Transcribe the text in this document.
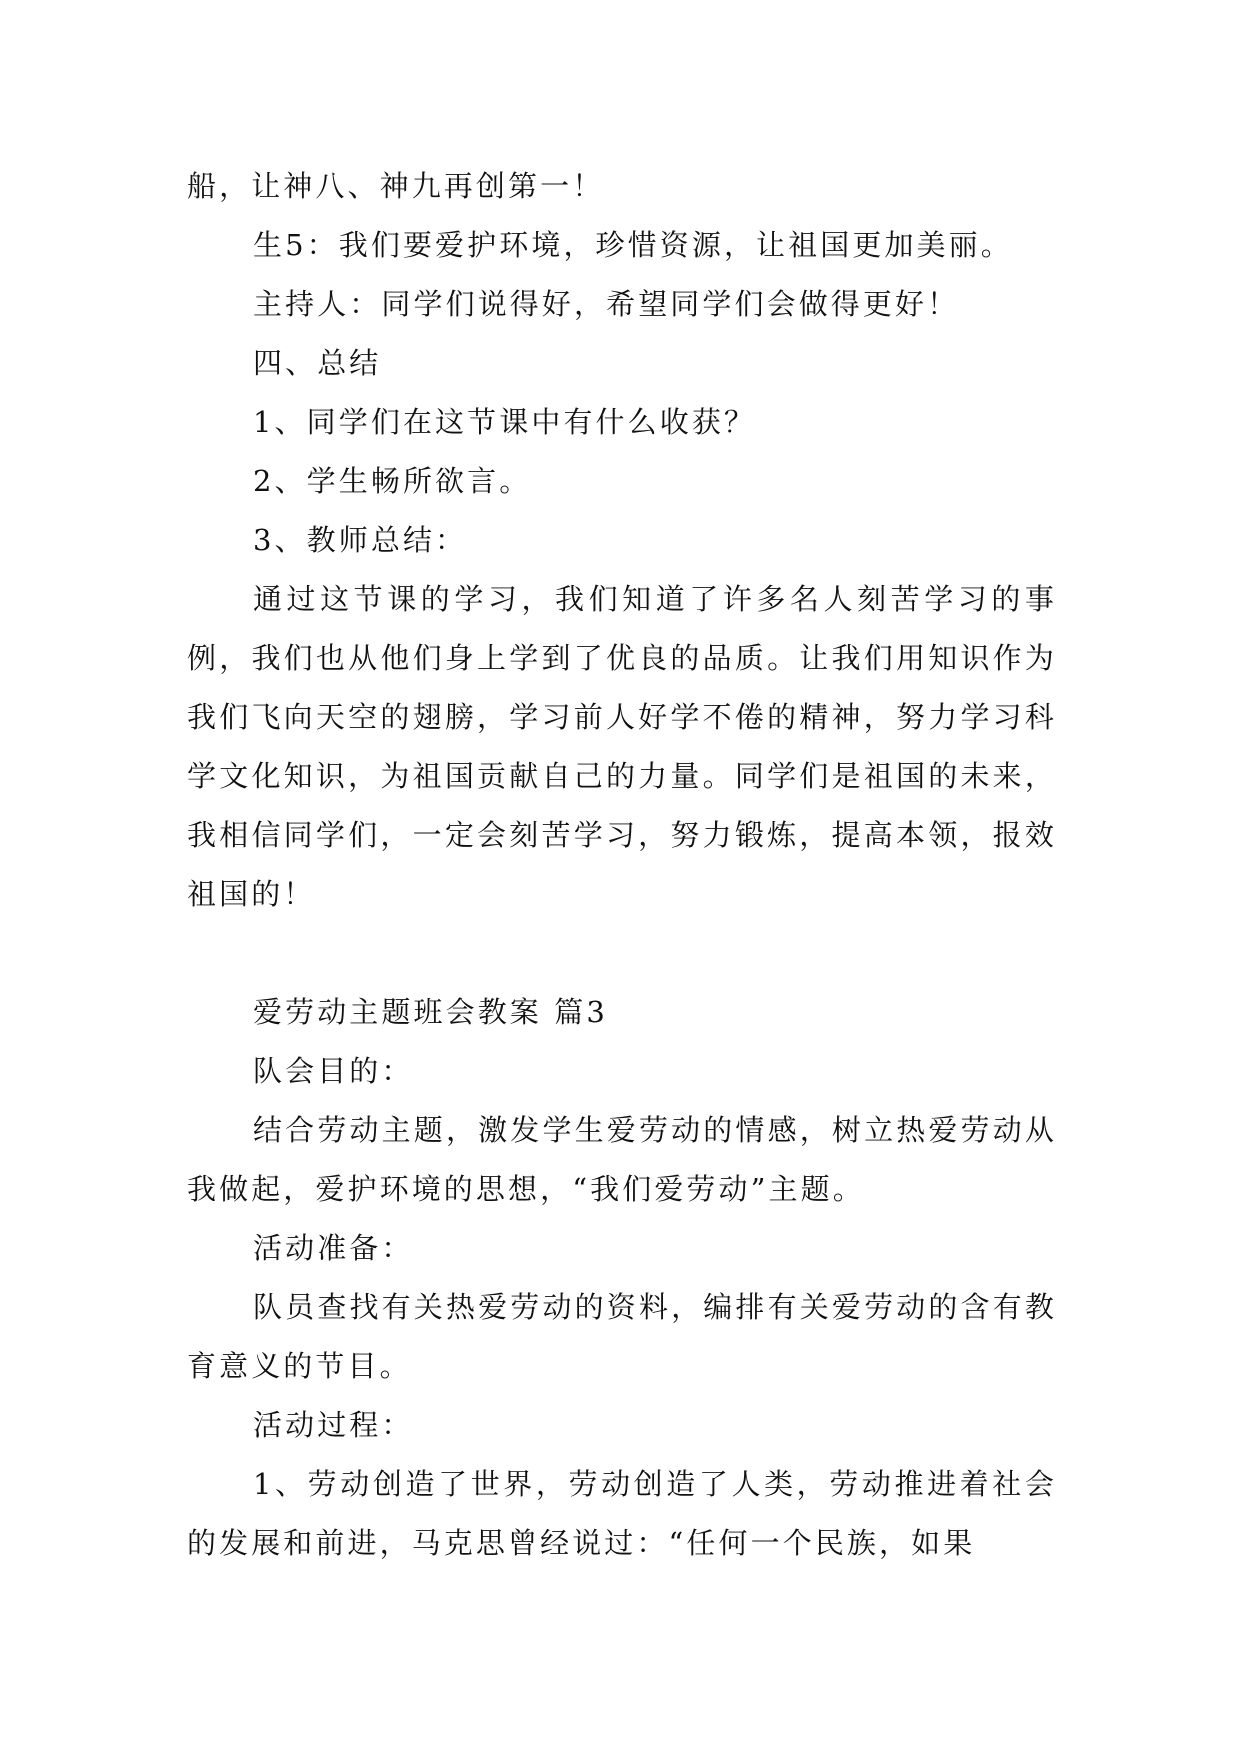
船，让神八、神九再创第一！

生5：我们要爱护环境，珍惜资源，让祖国更加美丽。

主持人：同学们说得好，希望同学们会做得更好！

四、总结

1、同学们在这节课中有什么收获？

2、学生畅所欲言。

3、教师总结：

通过这节课的学习，我们知道了许多名人刻苦学习的事例，我们也从他们身上学到了优良的品质。让我们用知识作为我们飞向天空的翅膀，学习前人好学不倦的精神，努力学习科学文化知识，为祖国贡献自己的力量。同学们是祖国的未来，我相信同学们，一定会刻苦学习，努力锻炼，提高本领，报效祖国的！

爱劳动主题班会教案 篇3

队会目的：

结合劳动主题，激发学生爱劳动的情感，树立热爱劳动从我做起，爱护环境的思想，“我们爱劳动”主题。

活动准备：

队员查找有关热爱劳动的资料，编排有关爱劳动的含有教育意义的节目。

活动过程：

1、劳动创造了世界，劳动创造了人类，劳动推进着社会的发展和前进，马克思曾经说过：“任何一个民族，如果
